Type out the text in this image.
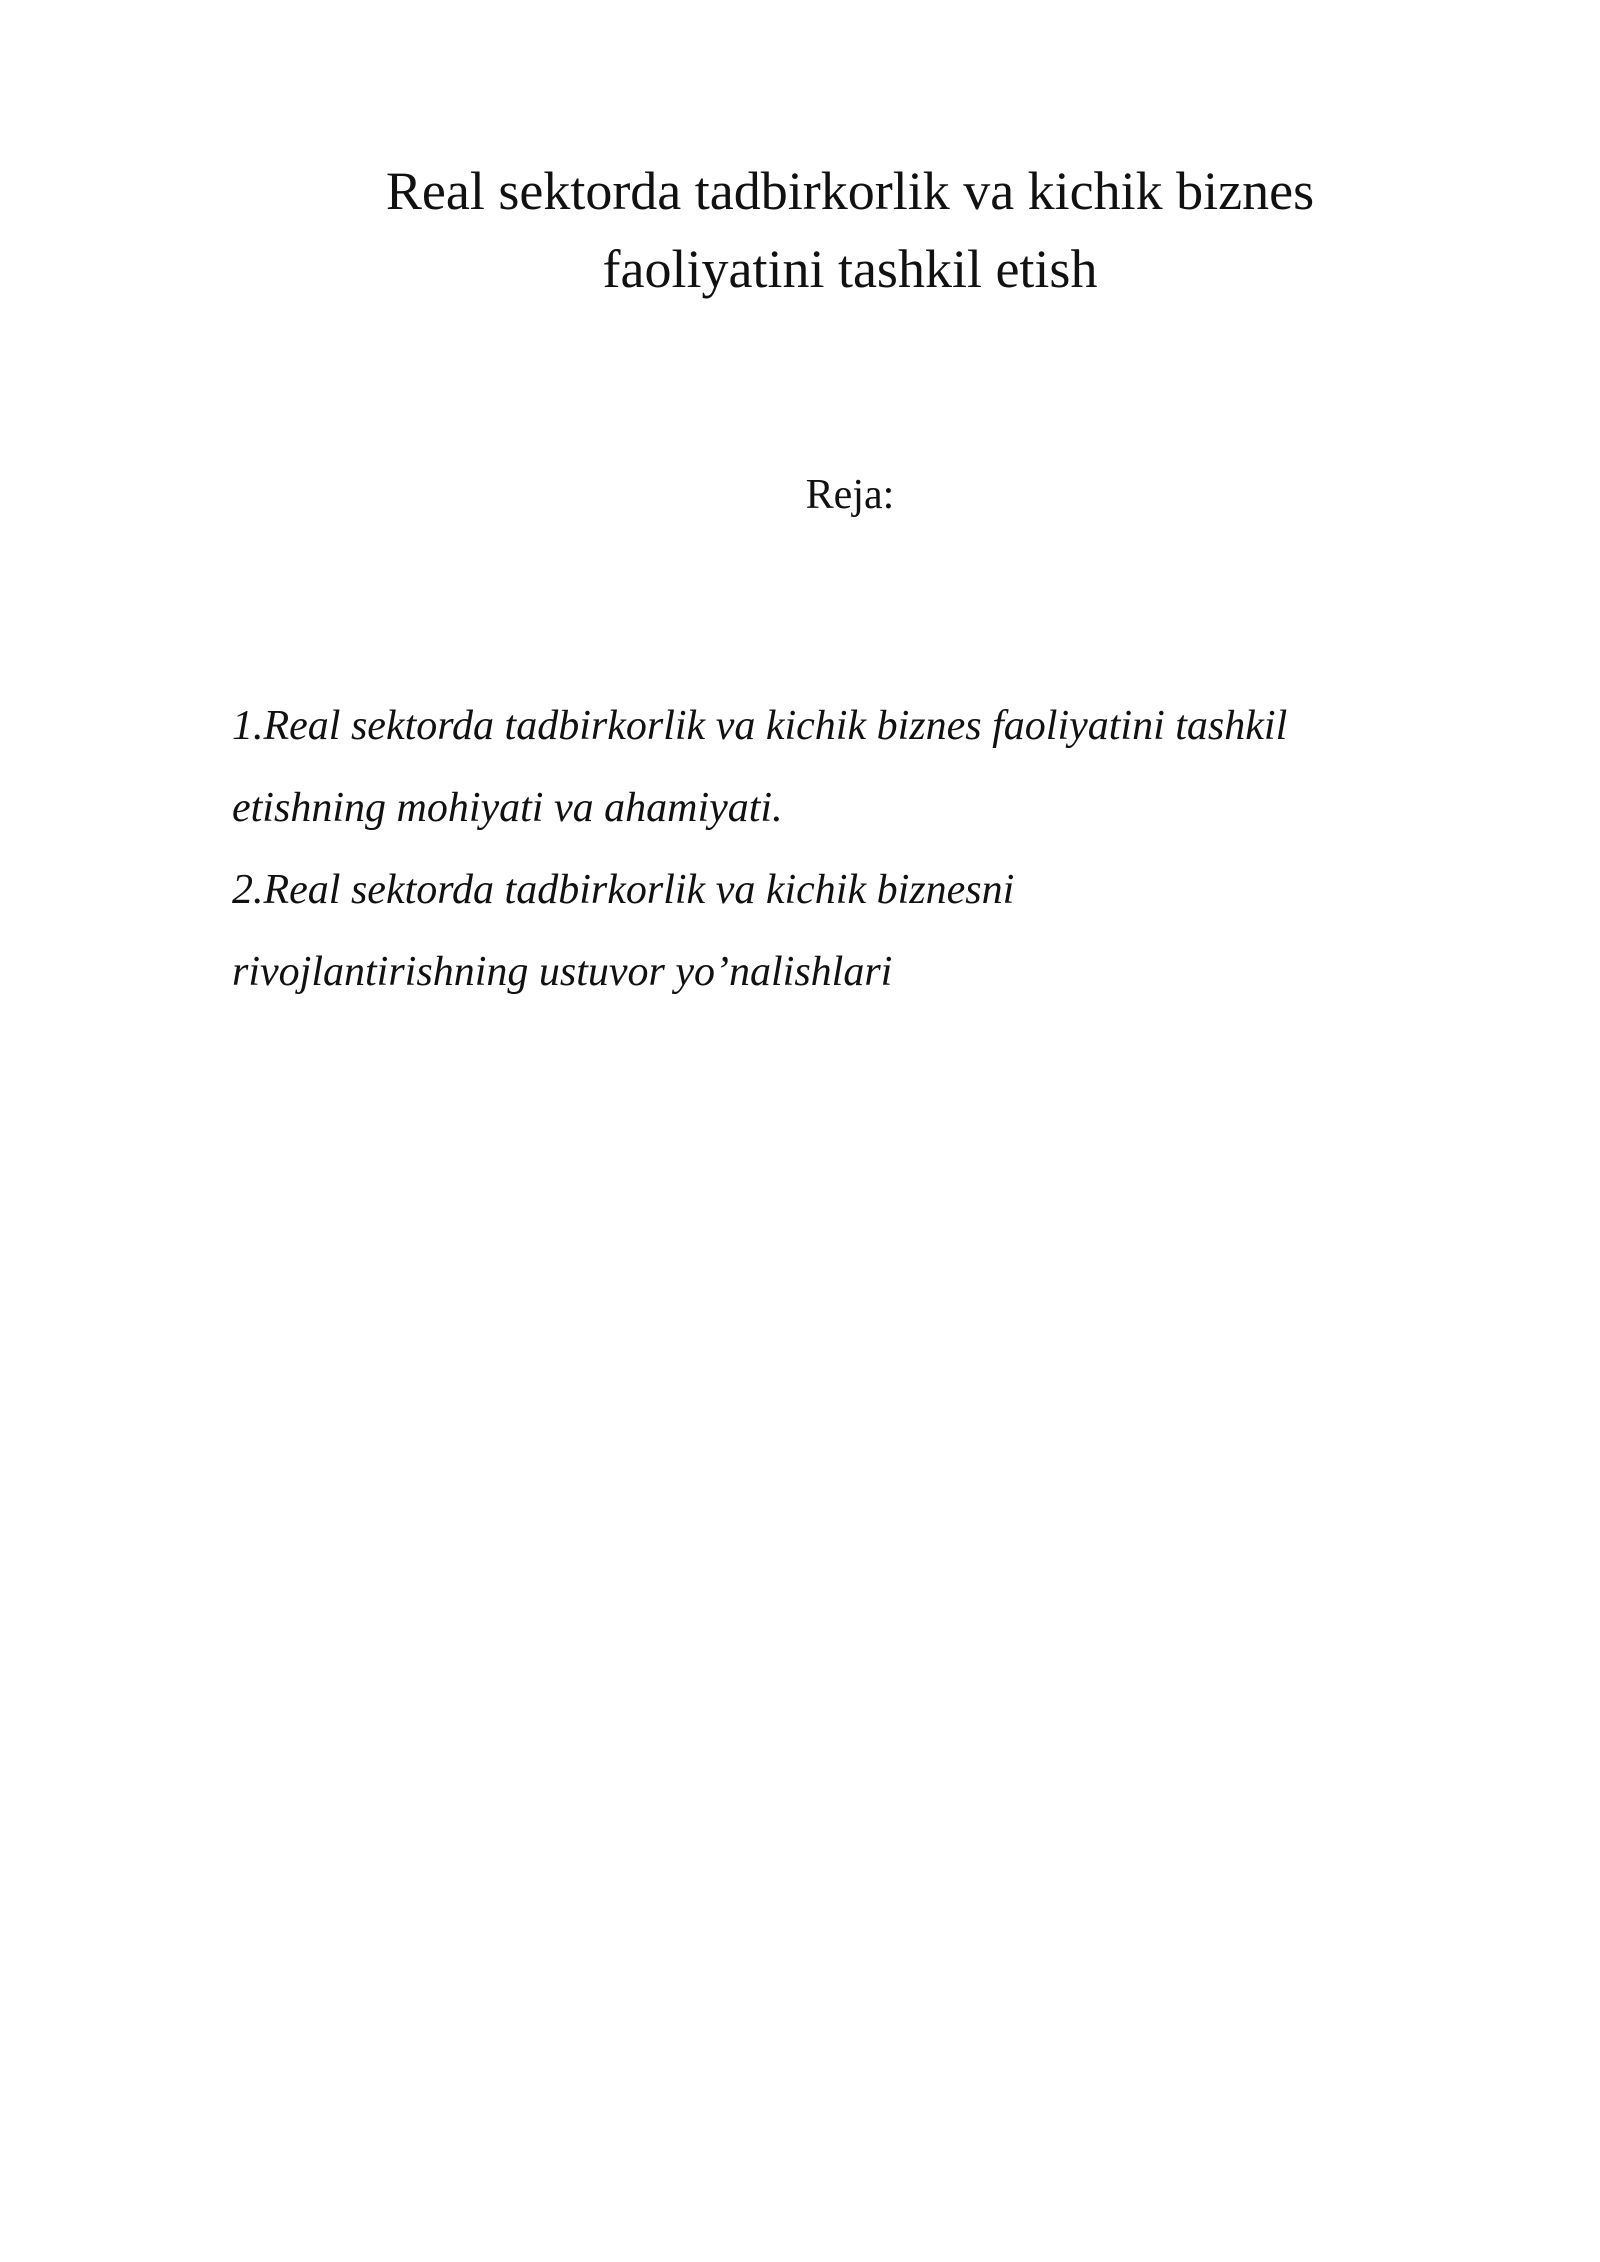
Real sektorda tadbirkorlik va kichik biznes
faoliyatini tashkil etish

Reja:

1.Real sektorda tadbirkorlik va kichik biznes faoliyatini tashkil
etishning mohiyati va ahamiyati.
2.Real sektorda tadbirkorlik va kichik biznesni
rivojlantirishning ustuvor yo’nalishlari
